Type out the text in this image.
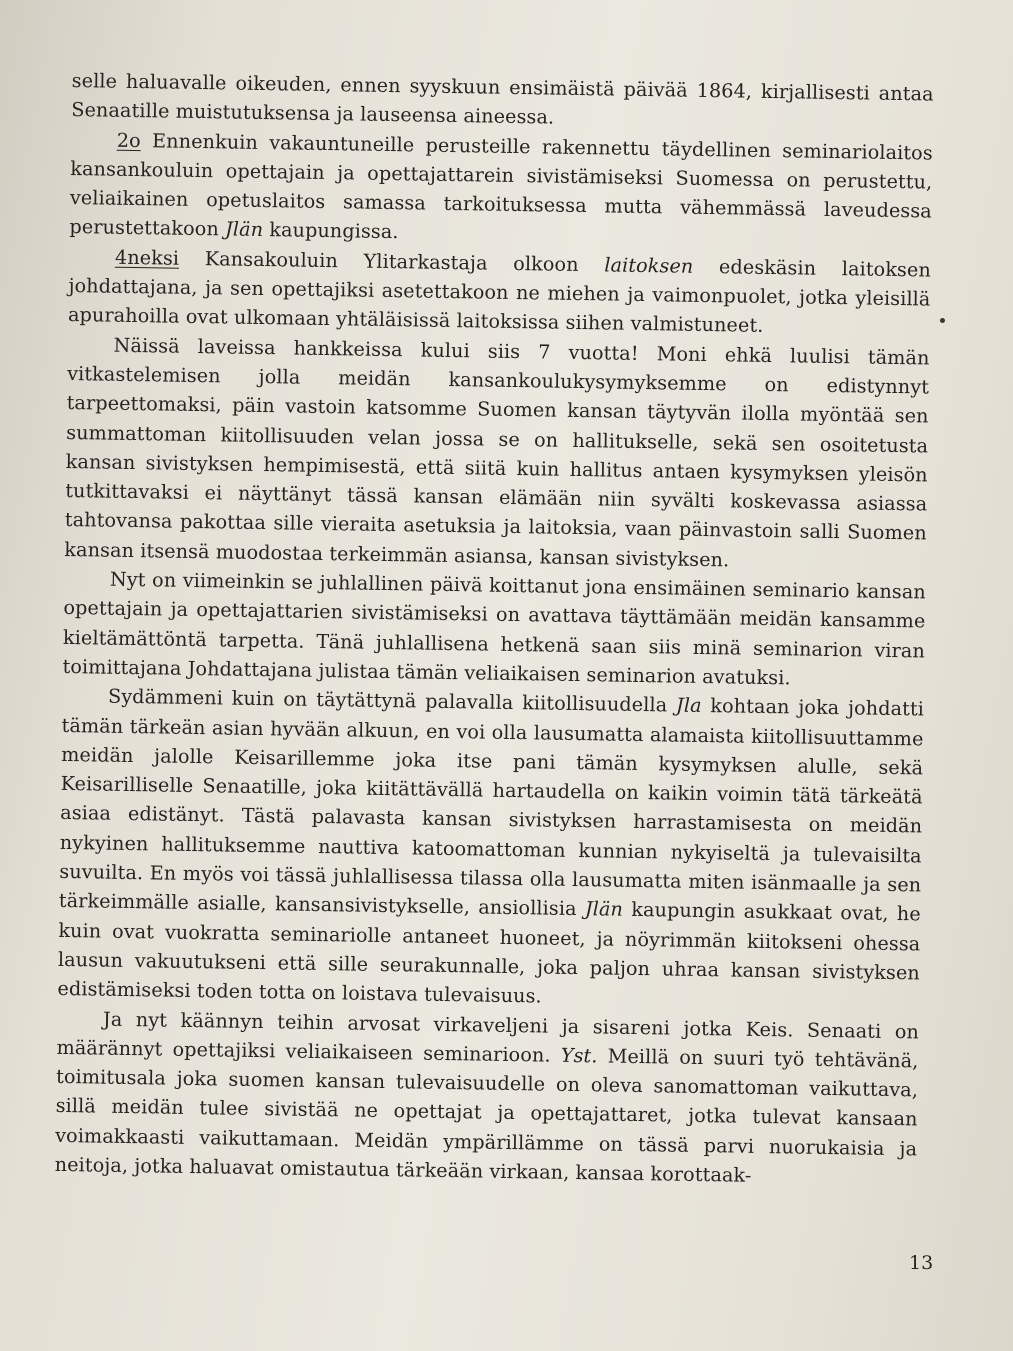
selle haluavalle oikeuden, ennen syyskuun ensimäistä päivää 1864, kirjallisesti antaa Senaatille muistutuksensa ja lauseensa aineessa.

2o Ennenkuin vakauntuneille perusteille rakennettu täydellinen seminariolaitos kansankouluin opettajain ja opettajattarein sivistämiseksi Suomessa on perustettu, veliaikainen opetuslaitos samassa tarkoituksessa mutta vähemmässä laveudessa perustettakoon Jlän kaupungissa.

4neksi Kansakouluin Ylitarkastaja olkoon laitoksen edeskäsin laitoksen johdattajana, ja sen opettajiksi asetettakoon ne miehen ja vaimonpuolet, jotka yleisillä apurahoilla ovat ulkomaan yhtäläisissä laitoksissa siihen valmistuneet.

Näissä laveissa hankkeissa kului siis 7 vuotta! Moni ehkä luulisi tämän vitkastelemisen jolla meidän kansankoulukysymyksemme on edistynnyt tarpeettomaksi, päin vastoin katsomme Suomen kansan täytyvän ilolla myöntää sen summattoman kiitollisuuden velan jossa se on hallitukselle, sekä sen osoitetusta kansan sivistyksen hempimisestä, että siitä kuin hallitus antaen kysymyksen yleisön tutkittavaksi ei näyttänyt tässä kansan elämään niin syvälti koskevassa asiassa tahtovansa pakottaa sille vieraita asetuksia ja laitoksia, vaan päinvastoin salli Suomen kansan itsensä muodostaa terkeimmän asiansa, kansan sivistyksen.

Nyt on viimeinkin se juhlallinen päivä koittanut jona ensimäinen seminario kansan opettajain ja opettajattarien sivistämiseksi on avattava täyttämään meidän kansamme kieltämättöntä tarpetta. Tänä juhlallisena hetkenä saan siis minä seminarion viran toimittajana Johdattajana julistaa tämän veliaikaisen seminarion avatuksi.

Sydämmeni kuin on täytättynä palavalla kiitollisuudella Jla kohtaan joka johdatti tämän tärkeän asian hyvään alkuun, en voi olla lausumatta alamaista kiitollisuuttamme meidän jalolle Keisarillemme joka itse pani tämän kysymyksen alulle, sekä Keisarilliselle Senaatille, joka kiitättävällä hartaudella on kaikin voimin tätä tärkeätä asiaa edistänyt. Tästä palavasta kansan sivistyksen harrastamisesta on meidän nykyinen hallituksemme nauttiva katoomattoman kunnian nykyiseltä ja tulevaisilta suvuilta. En myös voi tässä juhlallisessa tilassa olla lausumatta miten isänmaalle ja sen tärkeimmälle asialle, kansansivistykselle, ansiollisia Jlän kaupungin asukkaat ovat, he kuin ovat vuokratta seminariolle antaneet huoneet, ja nöyrimmän kiitokseni ohessa lausun vakuutukseni että sille seurakunnalle, joka paljon uhraa kansan sivistyksen edistämiseksi toden totta on loistava tulevaisuus.

Ja nyt käännyn teihin arvosat virkaveljeni ja sisareni jotka Keis. Senaati on määrännyt opettajiksi veliaikaiseen seminarioon. Yst. Meillä on suuri työ tehtävänä, toimitusala joka suomen kansan tulevaisuudelle on oleva sanomattoman vaikuttava, sillä meidän tulee sivistää ne opettajat ja opettajattaret, jotka tulevat kansaan voimakkaasti vaikuttamaan. Meidän ympärillämme on tässä parvi nuorukaisia ja neitoja, jotka haluavat omistautua tärkeään virkaan, kansaa korottaak-

13
